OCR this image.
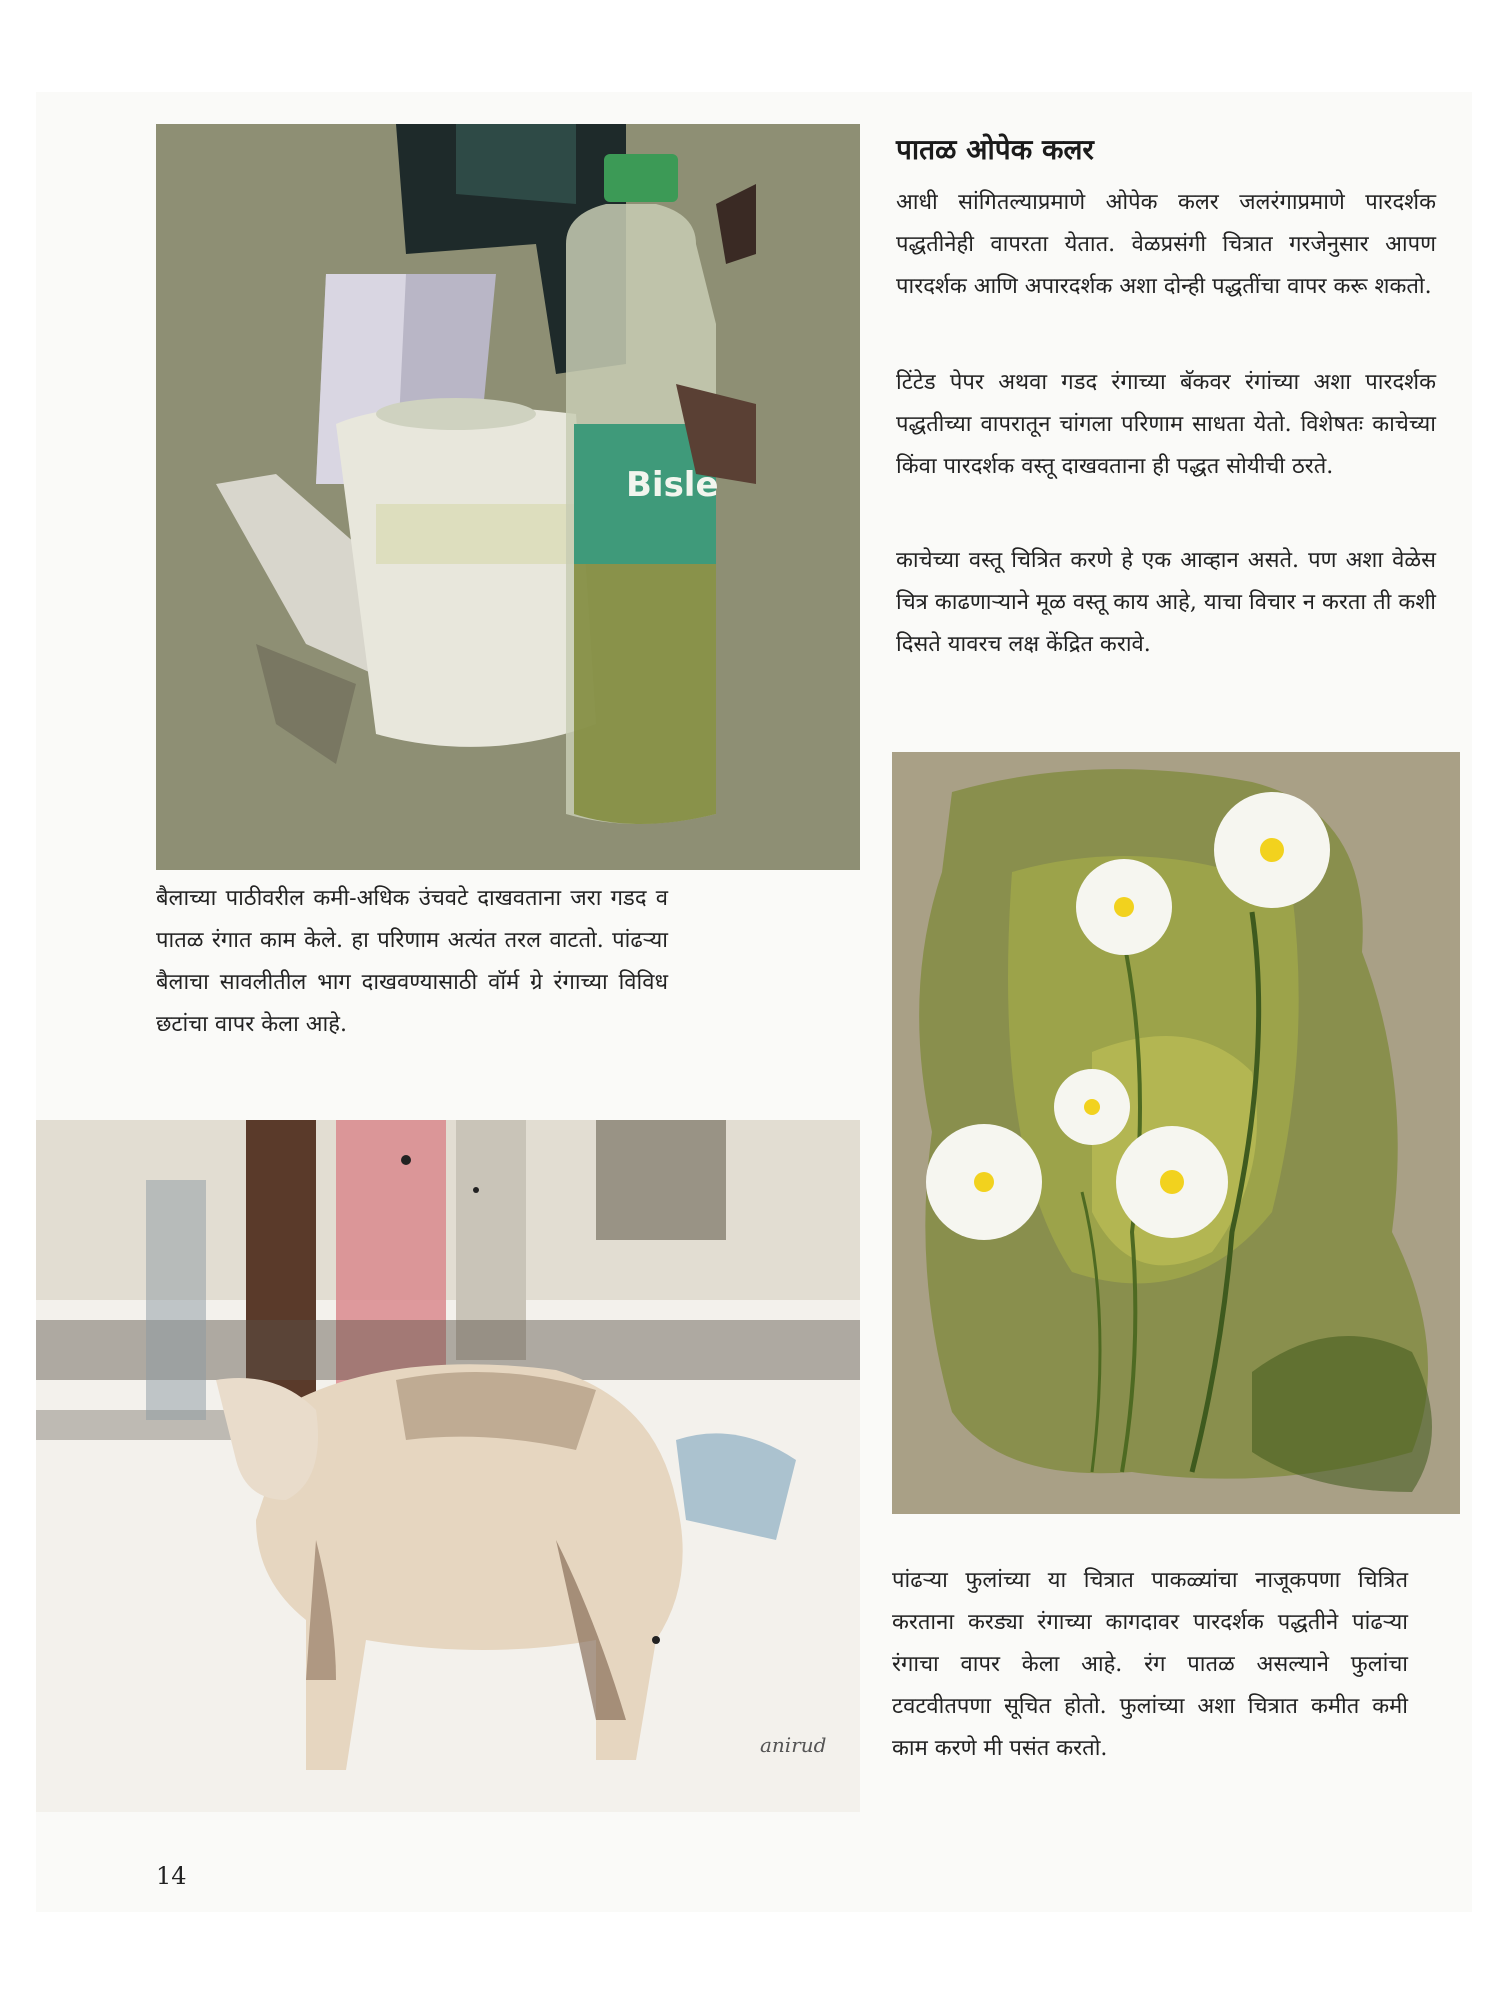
Bisle
पातळ ओपेक कलर

आधी सांगितल्याप्रमाणे ओपेक कलर जलरंगाप्रमाणे पारदर्शक पद्धतीनेही वापरता येतात. वेळप्रसंगी चित्रात गरजेनुसार आपण पारदर्शक आणि अपारदर्शक अशा दोन्ही पद्धतींचा वापर करू शकतो.

टिंटेड पेपर अथवा गडद रंगाच्या बॅकवर रंगांच्या अशा पारदर्शक पद्धतीच्या वापरातून चांगला परिणाम साधता येतो. विशेषतः काचेच्या किंवा पारदर्शक वस्तू दाखवताना ही पद्धत सोयीची ठरते.

काचेच्या वस्तू चित्रित करणे हे एक आव्हान असते. पण अशा वेळेस चित्र काढणाऱ्याने मूळ वस्तू काय आहे, याचा विचार न करता ती कशी दिसते यावरच लक्ष केंद्रित करावे.

बैलाच्या पाठीवरील कमी-अधिक उंचवटे दाखवताना जरा गडद व पातळ रंगात काम केले. हा परिणाम अत्यंत तरल वाटतो. पांढऱ्या बैलाचा सावलीतील भाग दाखवण्यासाठी वॉर्म ग्रे रंगाच्या विविध छटांचा वापर केला आहे.

anirud

पांढऱ्या फुलांच्या या चित्रात पाकळ्यांचा नाजूकपणा चित्रित करताना करड्या रंगाच्या कागदावर पारदर्शक पद्धतीने पांढऱ्या रंगाचा वापर केला आहे. रंग पातळ असल्याने फुलांचा टवटवीतपणा सूचित होतो. फुलांच्या अशा चित्रात कमीत कमी काम करणे मी पसंत करतो.

14
